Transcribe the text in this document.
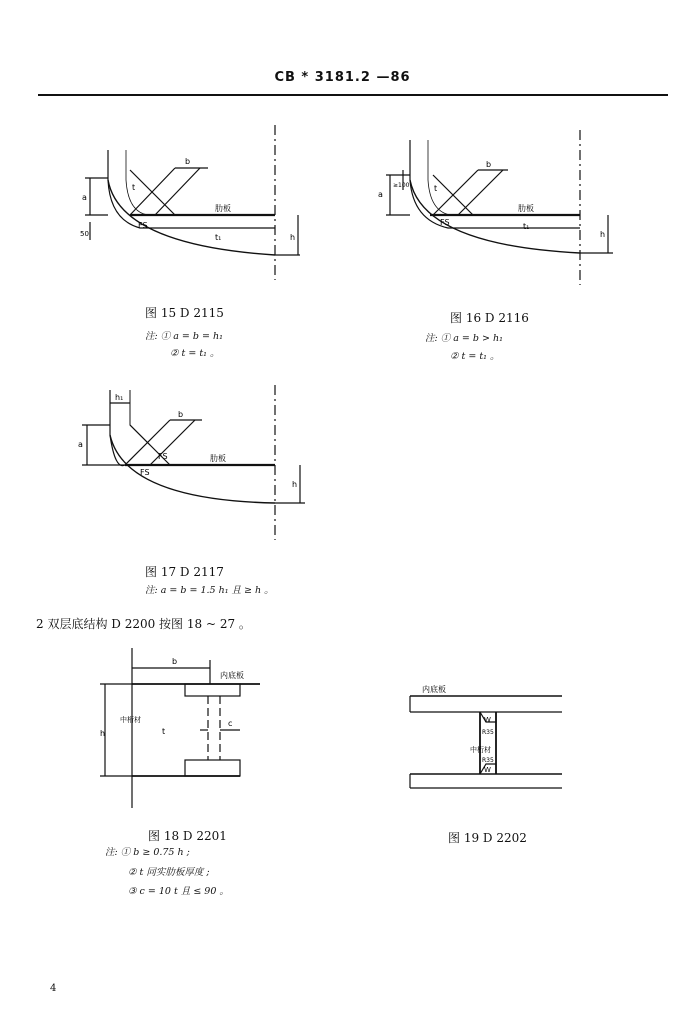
CB * 3181.2 —86
a
b
t
t₁	h
50
FS
肋板
图 15 D 2115
注: ① a = b = h₁
② t = t₁ 。
a
b
t
t₁
h
≥100
FS
肋板
图 16 D 2116
注: ① a = b > h₁
② t = t₁ 。
a
b
h₁
h
FS
FS
肋板
图 17 D 2117
注: a = b = 1.5 h₁ 且 ≥ h 。
2 双层底结构 D 2200 按图 18 ~ 27 。
b
h	t
c
内底板
中桁材
图 18 D 2201
注: ① b ≥ 0.75 h ;
② t 同实肋板厚度 ;
③ c = 10 t 且 ≤ 90 。
内底板
中桁材
W
W
R35
R35
图 19 D 2202
4
